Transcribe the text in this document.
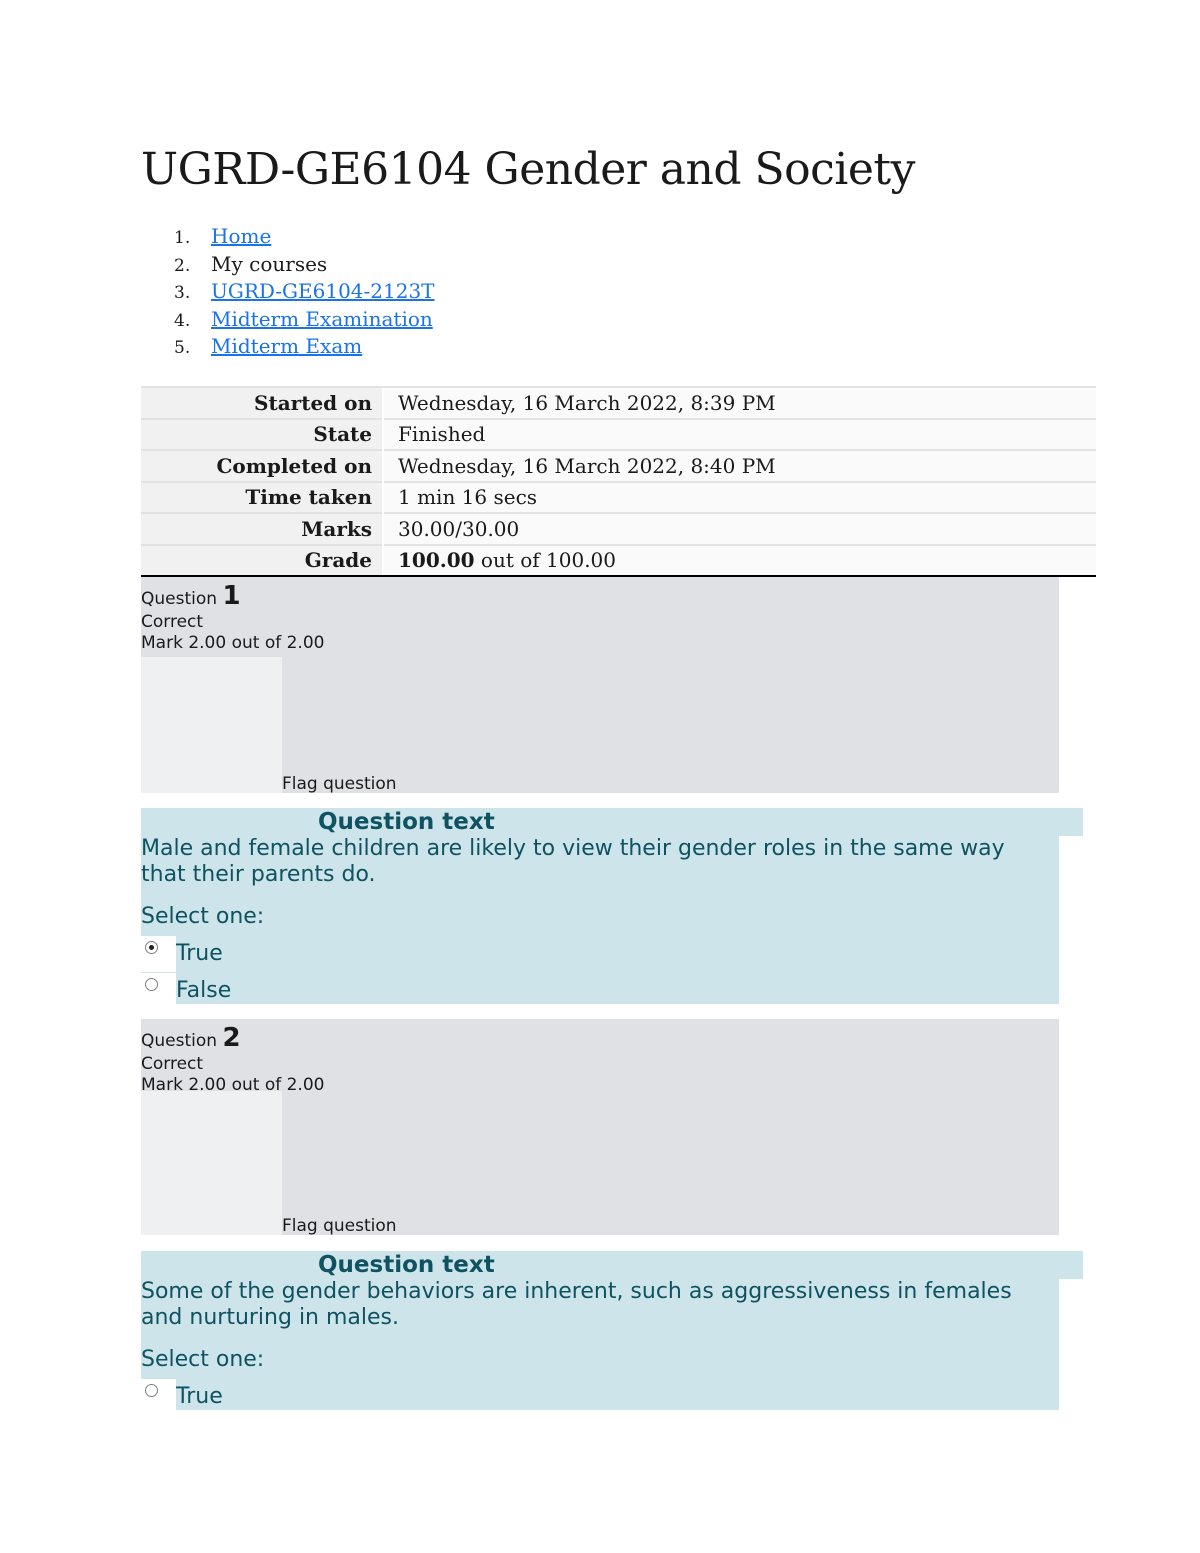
UGRD-GE6104 Gender and Society
1. Home
2. My courses
3. UGRD-GE6104-2123T
4. Midterm Examination
5. Midterm Exam
Started on	Wednesday, 16 March 2022, 8:39 PM
State	Finished
Completed on	Wednesday, 16 March 2022, 8:40 PM
Time taken	1 min 16 secs
Marks	30.00/30.00
Grade	100.00 out of 100.00
Question 1
Correct
Mark 2.00 out of 2.00
Flag question
Question text
Male and female children are likely to view their gender roles in the same way that their parents do.
Select one:
True
False
Question 2
Correct
Mark 2.00 out of 2.00
Flag question
Question text
Some of the gender behaviors are inherent, such as aggressiveness in females and nurturing in males.
Select one:
True
